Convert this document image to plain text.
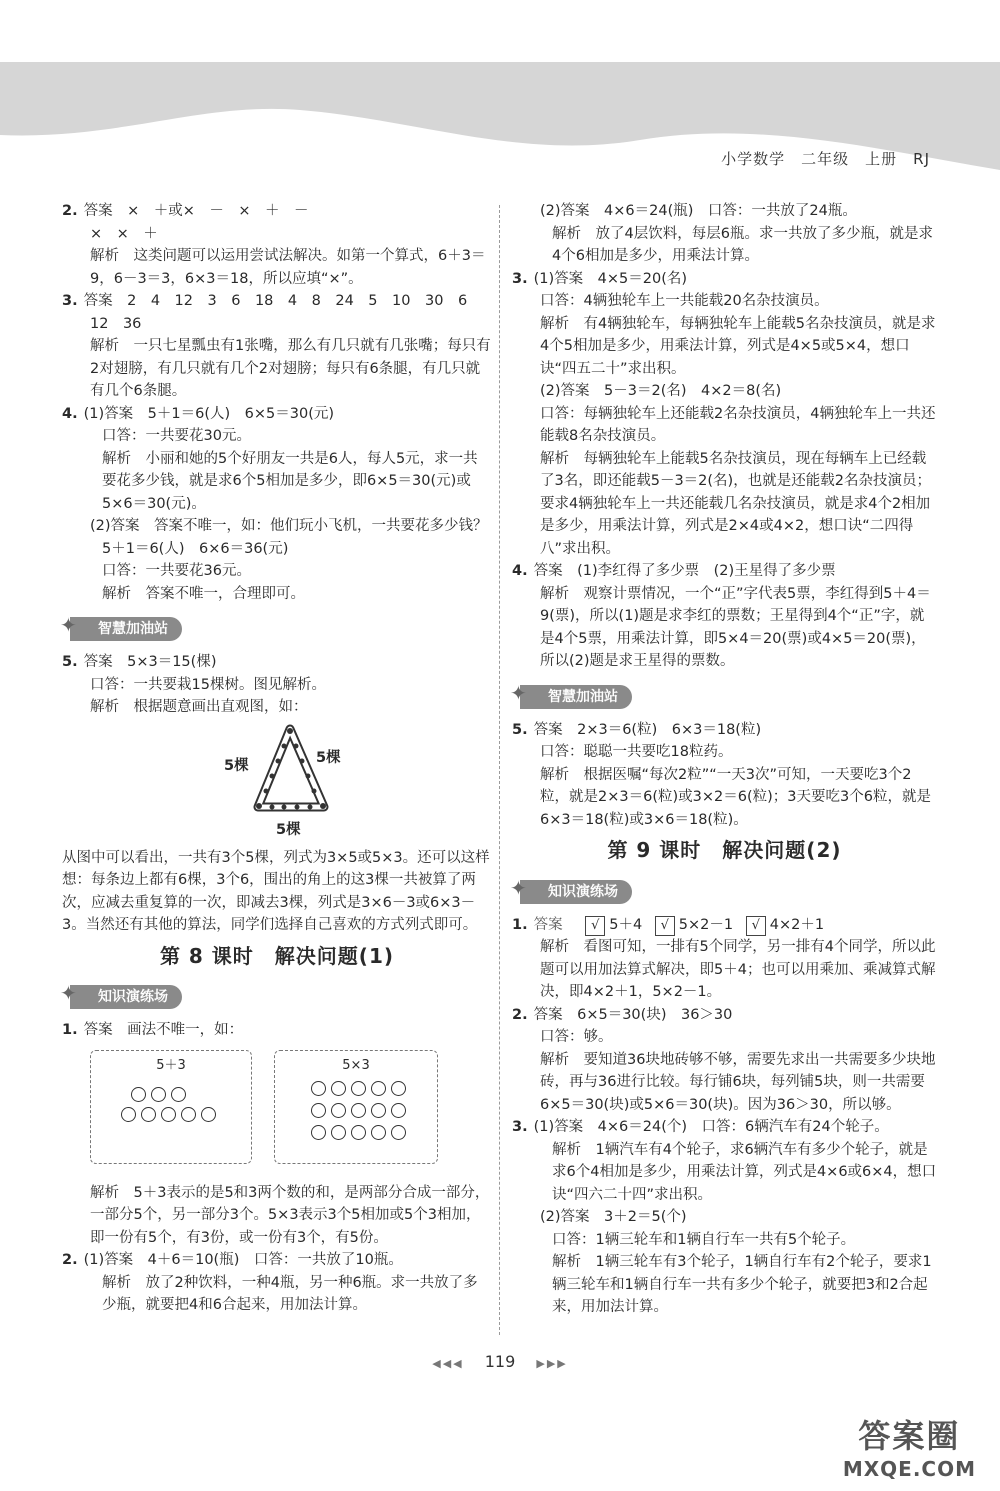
小学数学　二年级　上册　RJ
2. 答案　×　＋或×　－　×　＋　－
×　×　＋
解析　这类问题可以运用尝试法解决。如第一个算式，6＋3＝9，6－3＝3，6×3＝18，所以应填“×”。
3. 答案　2　4　12　3　6　18　4　8　24　5　10　30　6　12　36
解析　一只七星瓢虫有1张嘴，那么有几只就有几张嘴；每只有2对翅膀，有几只就有几个2对翅膀；每只有6条腿，有几只就有几个6条腿。
4. (1)答案　5＋1＝6(人)　6×5＝30(元)
口答：一共要花30元。
解析　小丽和她的5个好朋友一共是6人，每人5元，求一共要花多少钱，就是求6个5相加是多少，即6×5＝30(元)或5×6＝30(元)。
(2)答案　答案不唯一，如：他们玩小飞机，一共要花多少钱？
5＋1＝6(人)　6×6＝36(元)
口答：一共要花36元。
解析　答案不唯一，合理即可。
✦ 智慧加油站
5. 答案　5×3＝15(棵)
口答：一共要栽15棵树。图见解析。
解析　根据题意画出直观图，如：
5棵	5棵
5棵
从图中可以看出，一共有3个5棵，列式为3×5或5×3。还可以这样想：每条边上都有6棵，3个6，围出的角上的这3棵一共被算了两次，应减去重复算的一次，即减去3棵，列式是3×6－3或6×3－3。当然还有其他的算法，同学们选择自己喜欢的方式列式即可。
第 8 课时　解决问题(1)
✦ 知识演练场
1. 答案　画法不唯一，如：
5＋3	5×3
解析　5＋3表示的是5和3两个数的和，是两部分合成一部分，一部分5个，另一部分3个。5×3表示3个5相加或5个3相加，即一份有5个，有3份，或一份有3个，有5份。
2. (1)答案　4＋6＝10(瓶)　口答：一共放了10瓶。
解析　放了2种饮料，一种4瓶，另一种6瓶。求一共放了多少瓶，就要把4和6合起来，用加法计算。
(2)答案　4×6＝24(瓶)　口答：一共放了24瓶。
解析　放了4层饮料，每层6瓶。求一共放了多少瓶，就是求4个6相加是多少，用乘法计算。
3. (1)答案　4×5＝20(名)
口答：4辆独轮车上一共能载20名杂技演员。
解析　有4辆独轮车，每辆独轮车上能载5名杂技演员，就是求4个5相加是多少，用乘法计算，列式是4×5或5×4，想口诀“四五二十”求出积。
(2)答案　5－3＝2(名)　4×2＝8(名)
口答：每辆独轮车上还能载2名杂技演员，4辆独轮车上一共还能载8名杂技演员。
解析　每辆独轮车上能载5名杂技演员，现在每辆车上已经载了3名，即还能载5－3＝2(名)，也就是还能载2名杂技演员；要求4辆独轮车上一共还能载几名杂技演员，就是求4个2相加是多少，用乘法计算，列式是2×4或4×2，想口诀“二四得八”求出积。
4. 答案　(1)李红得了多少票　(2)王星得了多少票
解析　观察计票情况，一个“正”字代表5票，李红得到5＋4＝9(票)，所以(1)题是求李红的票数；王星得到4个“正”字，就是4个5票，用乘法计算，即5×4＝20(票)或4×5＝20(票)，所以(2)题是求王星得的票数。
✦ 智慧加油站
5. 答案　2×3＝6(粒)　6×3＝18(粒)
口答：聪聪一共要吃18粒药。
解析　根据医嘱“每次2粒”“一天3次”可知，一天要吃3个2粒，就是2×3＝6(粒)或3×2＝6(粒)；3天要吃3个6粒，就是6×3＝18(粒)或3×6＝18(粒)。
第 9 课时　解决问题(2)
✦ 知识演练场
1. 答案 √ 5＋4 √ 5×2－1 √ 4×2＋1
解析　看图可知，一排有5个同学，另一排有4个同学，所以此题可以用加法算式解决，即5＋4；也可以用乘加、乘减算式解决，即4×2＋1，5×2－1。
2. 答案　6×5＝30(块)　36＞30
口答：够。
解析　要知道36块地砖够不够，需要先求出一共需要多少块地砖，再与36进行比较。每行铺6块，每列铺5块，则一共需要6×5＝30(块)或5×6＝30(块)。因为36＞30，所以够。
3. (1)答案　4×6＝24(个)　口答：6辆汽车有24个轮子。
解析　1辆汽车有4个轮子，求6辆汽车有多少个轮子，就是求6个4相加是多少，用乘法计算，列式是4×6或6×4，想口诀“四六二十四”求出积。
(2)答案　3＋2＝5(个)
口答：1辆三轮车和1辆自行车一共有5个轮子。
解析　1辆三轮车有3个轮子，1辆自行车有2个轮子，要求1辆三轮车和1辆自行车一共有多少个轮子，就要把3和2合起来，用加法计算。
◀◀◀ 119 ▶▶▶
答案圈
MXQE.COM
